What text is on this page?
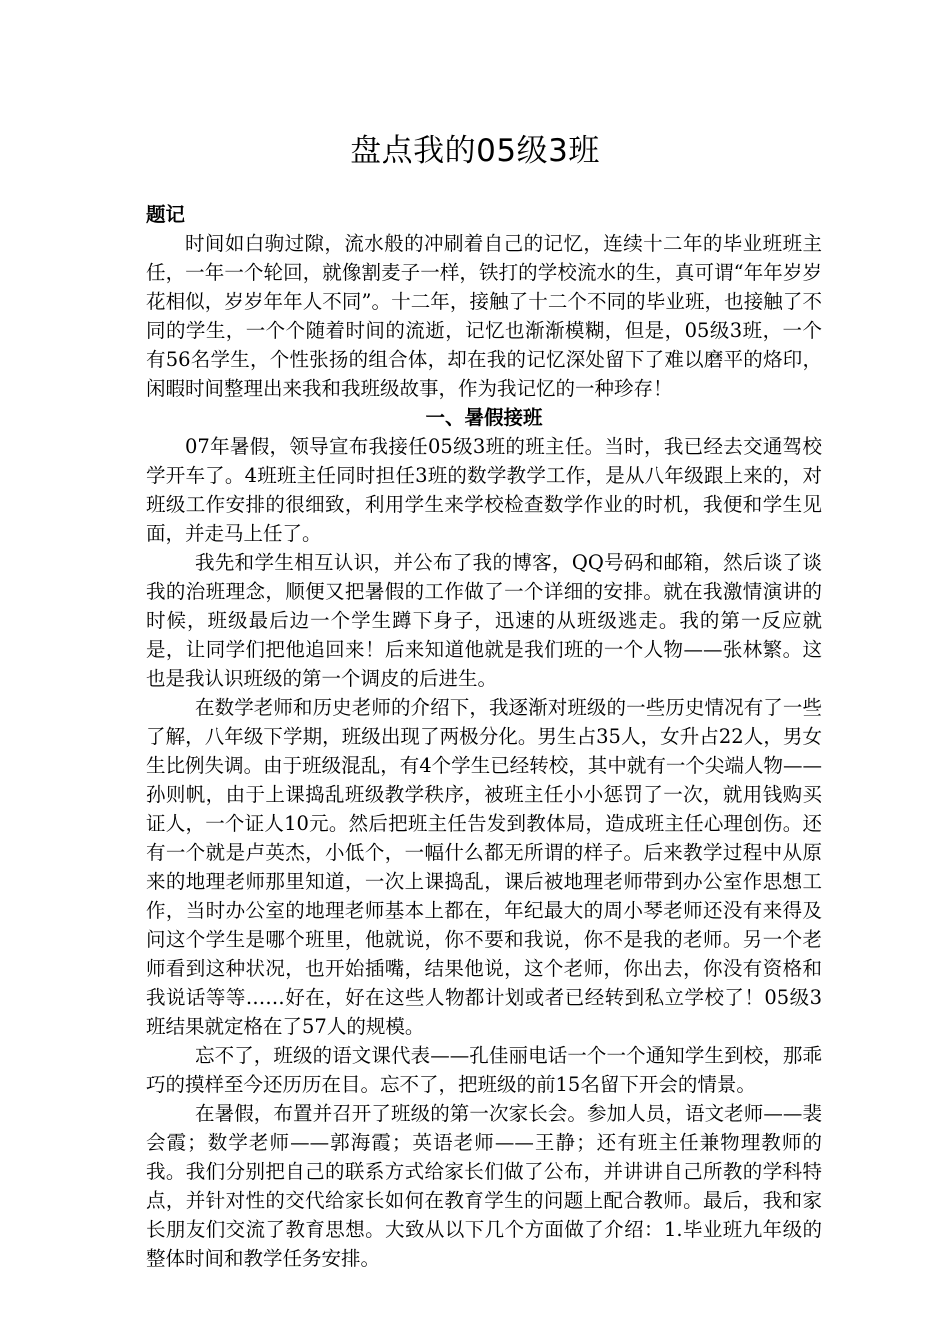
盘点我的05级3班

题记

时间如白驹过隙，流水般的冲刷着自己的记忆，连续十二年的毕业班班主任，一年一个轮回，就像割麦子一样，铁打的学校流水的生，真可谓“年年岁岁花相似，岁岁年年人不同”。十二年，接触了十二个不同的毕业班，也接触了不同的学生，一个个随着时间的流逝，记忆也渐渐模糊，但是，05级3班，一个有56名学生，个性张扬的组合体，却在我的记忆深处留下了难以磨平的烙印，闲暇时间整理出来我和我班级故事，作为我记忆的一种珍存！

一、暑假接班

07年暑假，领导宣布我接任05级3班的班主任。当时，我已经去交通驾校学开车了。4班班主任同时担任3班的数学教学工作，是从八年级跟上来的，对班级工作安排的很细致，利用学生来学校检查数学作业的时机，我便和学生见面，并走马上任了。

我先和学生相互认识，并公布了我的博客，QQ号码和邮箱，然后谈了谈我的治班理念，顺便又把暑假的工作做了一个详细的安排。就在我激情演讲的时候，班级最后边一个学生蹲下身子，迅速的从班级逃走。我的第一反应就是，让同学们把他追回来！后来知道他就是我们班的一个人物——张林繁。这也是我认识班级的第一个调皮的后进生。

在数学老师和历史老师的介绍下，我逐渐对班级的一些历史情况有了一些了解，八年级下学期，班级出现了两极分化。男生占35人，女升占22人，男女生比例失调。由于班级混乱，有4个学生已经转校，其中就有一个尖端人物——孙则帆，由于上课捣乱班级教学秩序，被班主任小小惩罚了一次，就用钱购买证人，一个证人10元。然后把班主任告发到教体局，造成班主任心理创伤。还有一个就是卢英杰，小低个，一幅什么都无所谓的样子。后来教学过程中从原来的地理老师那里知道，一次上课捣乱，课后被地理老师带到办公室作思想工作，当时办公室的地理老师基本上都在，年纪最大的周小琴老师还没有来得及问这个学生是哪个班里，他就说，你不要和我说，你不是我的老师。另一个老师看到这种状况，也开始插嘴，结果他说，这个老师，你出去，你没有资格和我说话等等……好在，好在这些人物都计划或者已经转到私立学校了！05级3班结果就定格在了57人的规模。

忘不了，班级的语文课代表——孔佳丽电话一个一个通知学生到校，那乖巧的摸样至今还历历在目。忘不了，把班级的前15名留下开会的情景。

在暑假，布置并召开了班级的第一次家长会。参加人员，语文老师——裴会霞；数学老师——郭海霞；英语老师——王静；还有班主任兼物理教师的我。我们分别把自己的联系方式给家长们做了公布，并讲讲自己所教的学科特点，并针对性的交代给家长如何在教育学生的问题上配合教师。最后，我和家长朋友们交流了教育思想。大致从以下几个方面做了介绍：1.毕业班九年级的整体时间和教学任务安排。
